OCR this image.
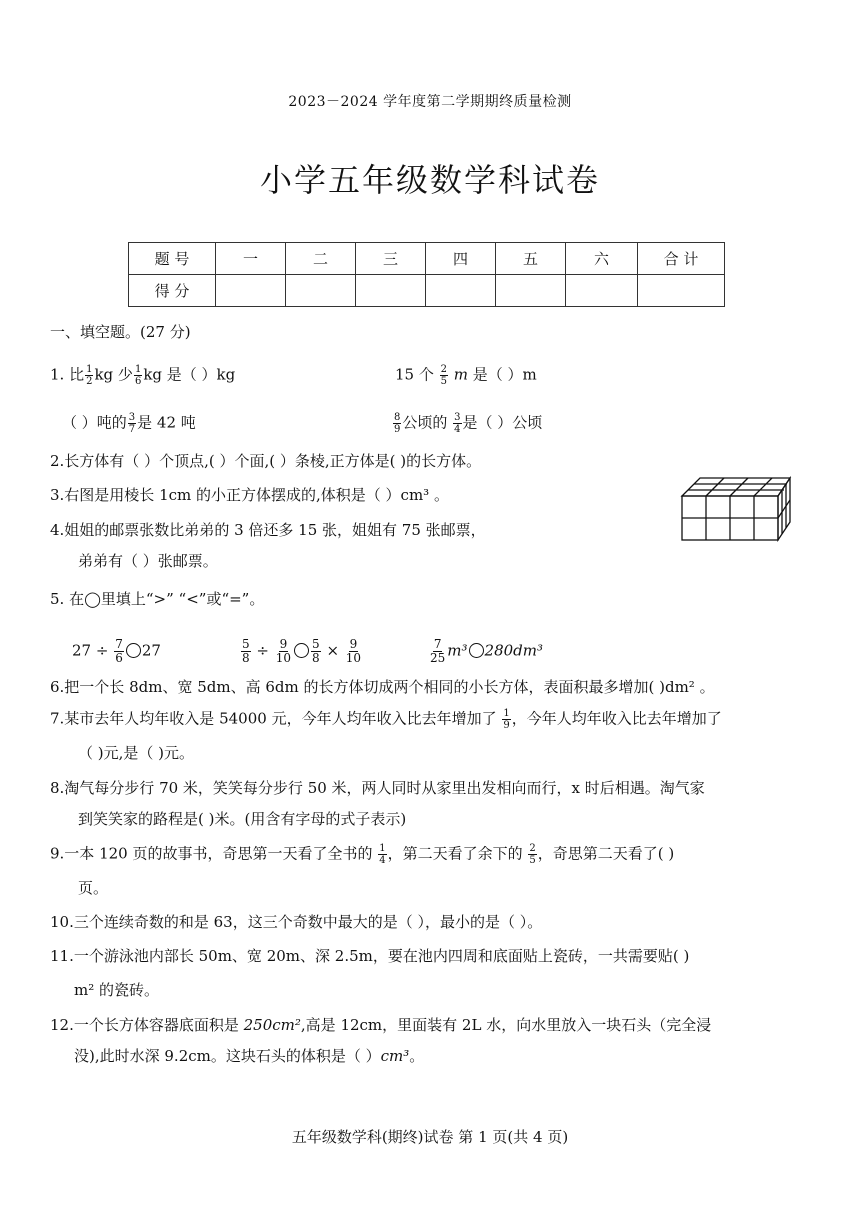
2023－2024 学年度第二学期期终质量检测
小学五年级数学科试卷
题 号	一	二	三	四	五	六	合 计
得 分							
一、填空题。(27 分)
1. 比 $\frac{1}{2}$ kg 少 $\frac{1}{6}$ kg 是（ ）kg	15 个 $\frac{2}{5}$ m 是（ ）m
（ ）吨的 $\frac{3}{7}$ 是 42 吨	$\frac{8}{9}$ 公顷的 $\frac{3}{4}$ 是（ ）公顷
2.长方体有（ ）个顶点,( ）个面,( ）条棱,正方体是( )的长方体。
3.右图是用棱长 1cm 的小正方体摆成的,体积是（ ）cm³ 。
4.姐姐的邮票张数比弟弟的 3 倍还多 15 张，姐姐有 75 张邮票，
弟弟有（ ）张邮票。
5. 在◯里填上“>” “<”或“=”。
$27 \div \frac{7}{6} 27$	$\frac{5}{8} \div \frac{9}{10} \frac{5}{8} \times \frac{9}{10}$	$\frac{7}{25} m^3$ 280dm³
6.把一个长 8dm、宽 5dm、高 6dm 的长方体切成两个相同的小长方体，表面积最多增加( )dm² 。
7.某市去年人均年收入是 54000 元，今年人均年收入比去年增加了 $\frac{1}{9}$ ，今年人均年收入比去年增加了
（ )元,是（ )元。
8.淘气每分步行 70 米，笑笑每分步行 50 米，两人同时从家里出发相向而行，x 时后相遇。淘气家
到笑笑家的路程是( )米。(用含有字母的式子表示)
9.一本 120 页的故事书，奇思第一天看了全书的 $\frac{1}{4}$ ，第二天看了余下的 $\frac{2}{5}$ ，奇思第二天看了( )
页。
10.三个连续奇数的和是 63，这三个奇数中最大的是（ ），最小的是（ ）。
11.一个游泳池内部长 50m、宽 20m、深 2.5m，要在池内四周和底面贴上瓷砖，一共需要贴( )
m² 的瓷砖。
12.一个长方体容器底面积是 250cm²,高是 12cm，里面装有 2L 水，向水里放入一块石头（完全浸
没),此时水深 9.2cm。这块石头的体积是（ ）cm³。
五年级数学科(期终)试卷 第 1 页(共 4 页)
